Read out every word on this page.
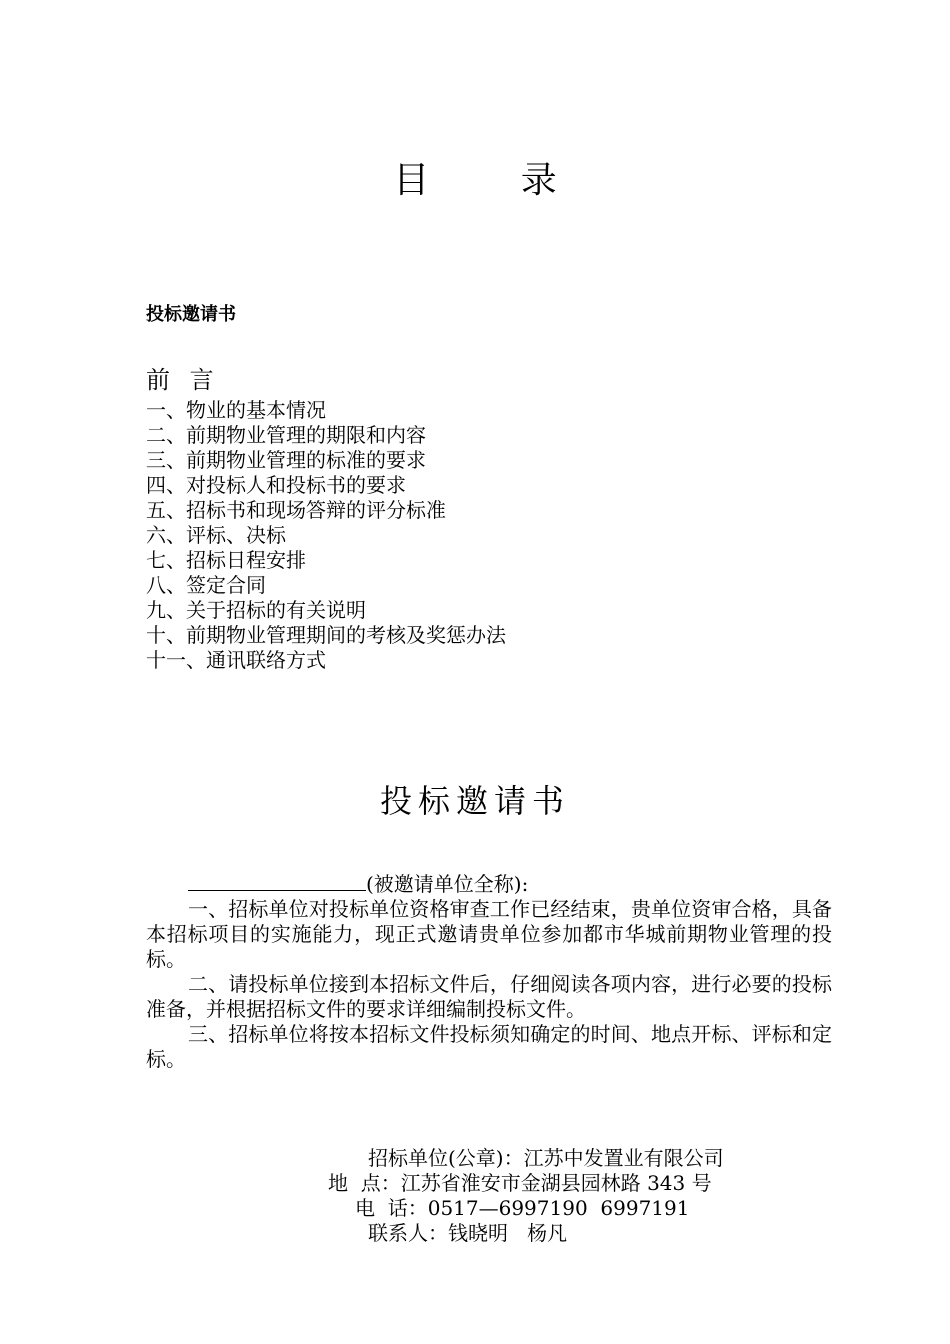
目 录
投标邀请书
前 言
一、物业的基本情况
二、前期物业管理的期限和内容
三、前期物业管理的标准的要求
四、对投标人和投标书的要求
五、招标书和现场答辩的评分标准
六、评标、决标
七、招标日程安排
八、签定合同
九、关于招标的有关说明
十、前期物业管理期间的考核及奖惩办法
十一、通讯联络方式
投标邀请书
(被邀请单位全称):

一、招标单位对投标单位资格审查工作已经结束，贵单位资审合格，具备本招标项目的实施能力，现正式邀请贵单位参加都市华城前期物业管理的投标。

二、请投标单位接到本招标文件后，仔细阅读各项内容，进行必要的投标准备，并根据招标文件的要求详细编制投标文件。

三、招标单位将按本招标文件投标须知确定的时间、地点开标、评标和定标。

招标单位(公章)：江苏中发置业有限公司
地  点：江苏省淮安市金湖县园林路 343 号
电  话：0517—6997190  6997191
联系人：钱晓明   杨凡
